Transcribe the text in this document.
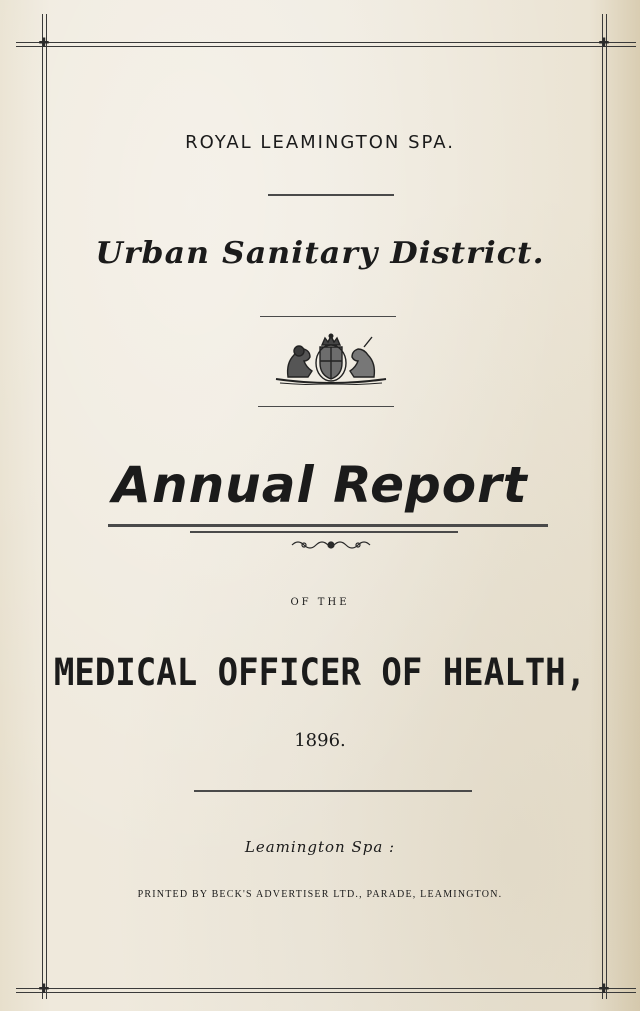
✚	✚
✚	✚
ROYAL LEAMINGTON SPA.
Urban Sanitary District.
Annual Report
OF THE
MEDICAL OFFICER OF HEALTH,
1896.
Leamington Spa :
PRINTED BY BECK'S ADVERTISER LTD., PARADE, LEAMINGTON.
